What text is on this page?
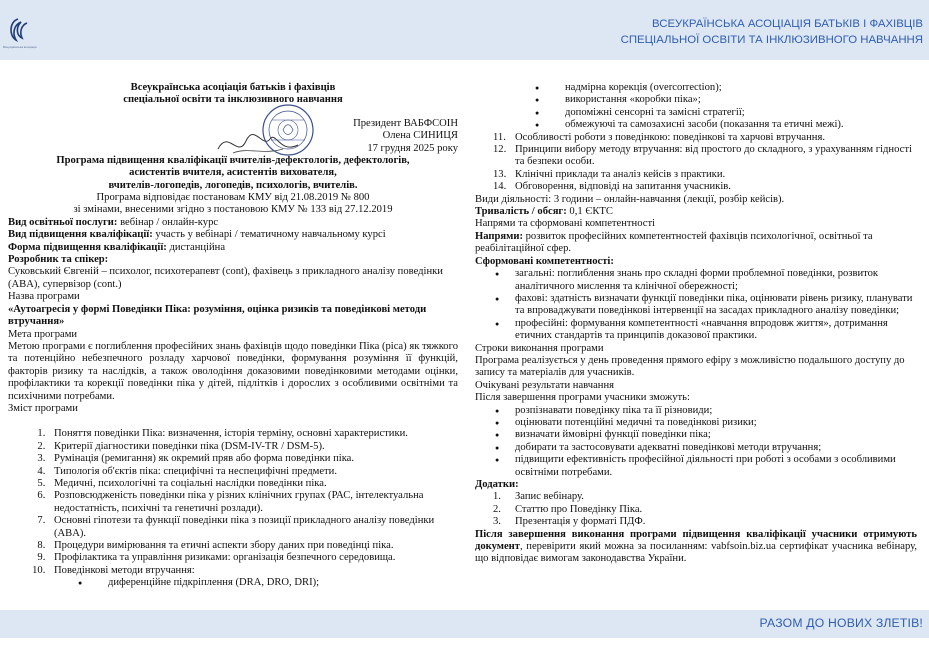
Всеукраїнська асоціація
ВСЕУКРАЇНСЬКА АСОЦІАЦІЯ БАТЬКІВ І ФАХІВЦІВ
СПЕЦІАЛЬНОЇ ОСВІТИ ТА ІНКЛЮЗИВНОГО НАВЧАННЯ

Всеукраїнська асоціація батьків і фахівців

спеціальної освіти та інклюзивного навчання

Президент ВАБФСОІН
Олена СИНИЦЯ
17 грудня 2025 року

Програма підвищення кваліфікації вчителів-дефектологів, дефектологів,

асистентів вчителя, асистентів вихователя,

вчителів-логопедів, логопедів, психологів, вчителів.

Програма відповідає постановам КМУ від 21.08.2019 № 800

зі змінами, внесеними згідно з постановою КМУ № 133 від 27.12.2019

Вид освітньої послуги: вебінар / онлайн-курс

Вид підвищення кваліфікації: участь у вебінарі / тематичному навчальному курсі

Форма підвищення кваліфікації: дистанційна

Розробник та спікер:

Суковський Євгеній – психолог, психотерапевт (cont), фахівець з прикладного аналізу поведінки (ABA), супервізор (cont.)

Назва програми

«Аутоагресія у формі Поведінки Піка: розуміння, оцінка ризиків та поведінкові методи втручання»

Мета програми

Метою програми є поглиблення професійних знань фахівців щодо поведінки Піка (pica) як тяжкого та потенційно небезпечного розладу харчової поведінки, формування розуміння її функцій, факторів ризику та наслідків, а також оволодіння доказовими поведінковими методами оцінки, профілактики та корекції поведінки піка у дітей, підлітків і дорослих з особливими освітніми та психічними потребами.

Зміст програми

1. Поняття поведінки Піка: визначення, історія терміну, основні характеристики.
2. Критерії діагностики поведінки піка (DSM-IV-TR / DSM-5).
3. Румінація (ремигання) як окремий пряв або форма поведінки піка.
4. Типологія об'єктів піка: специфічні та неспецифічні предмети.
5. Медичні, психологічні та соціальні наслідки поведінки піка.
6. Розповсюдженість поведінки піка у різних клінічних групах (РАС, інтелектуальна недостатність, психічні та генетичні розлади).
7. Основні гіпотези та функції поведінки піка з позиції прикладного аналізу поведінки (ABA).
8. Процедури вимірювання та етичні аспекти збору даних при поведінці піка.
9. Профілактика та управління ризиками: організація безпечного середовища.
10. Поведінкові методи втручання:
● диференційне підкріплення (DRA, DRO, DRI);
● надмірна корекція (overcorrection);
● використання «коробки піка»;
● допоміжні сенсорні та замісні стратегії;
● обмежуючі та самозахисні засоби (показання та етичні межі).
11. Особливості роботи з поведінкою: поведінкові та харчові втручання.
12. Принципи вибору методу втручання: від простого до складного, з урахуванням гідності та безпеки особи.
13. Клінічні приклади та аналіз кейсів з практики.
14. Обговорення, відповіді на запитання учасників.

Види діяльності: 3 години – онлайн-навчання (лекції, розбір кейсів).

Тривалість / обсяг: 0,1 ЄКТС

Напрями та сформовані компетентності

Напрями: розвиток професійних компетентностей фахівців психологічної, освітньої та реабілітаційної сфер.

Сформовані компетентності:

● загальні: поглиблення знань про складні форми проблемної поведінки, розвиток аналітичного мислення та клінічної обережності;
● фахові: здатність визначати функції поведінки піка, оцінювати рівень ризику, планувати та впроваджувати поведінкові інтервенції на засадах прикладного аналізу поведінки;
● професійні: формування компетентності «навчання впродовж життя», дотримання етичних стандартів та принципів доказової практики.

Строки виконання програми

Програма реалізується у день проведення прямого ефіру з можливістю подальшого доступу до запису та матеріалів для учасників.

Очікувані результати навчання

Після завершення програми учасники зможуть:

● розпізнавати поведінку піка та її різновиди;
● оцінювати потенційні медичні та поведінкові ризики;
● визначати ймовірні функції поведінки піка;
● добирати та застосовувати адекватні поведінкові методи втручання;
● підвищити ефективність професійної діяльності при роботі з особами з особливими освітніми потребами.

Додатки:

1. Запис вебінару.
2. Статтю про Поведінку Піка.
3. Презентація у форматі ПДФ.

Після завершення виконання програми підвищення кваліфікації учасники отримують документ, перевірити який можна за посиланням: vabfsoin.biz.ua сертифікат учасника вебінару, що відповідає вимогам законодавства України.

РАЗОМ ДО НОВИХ ЗЛЕТІВ!
